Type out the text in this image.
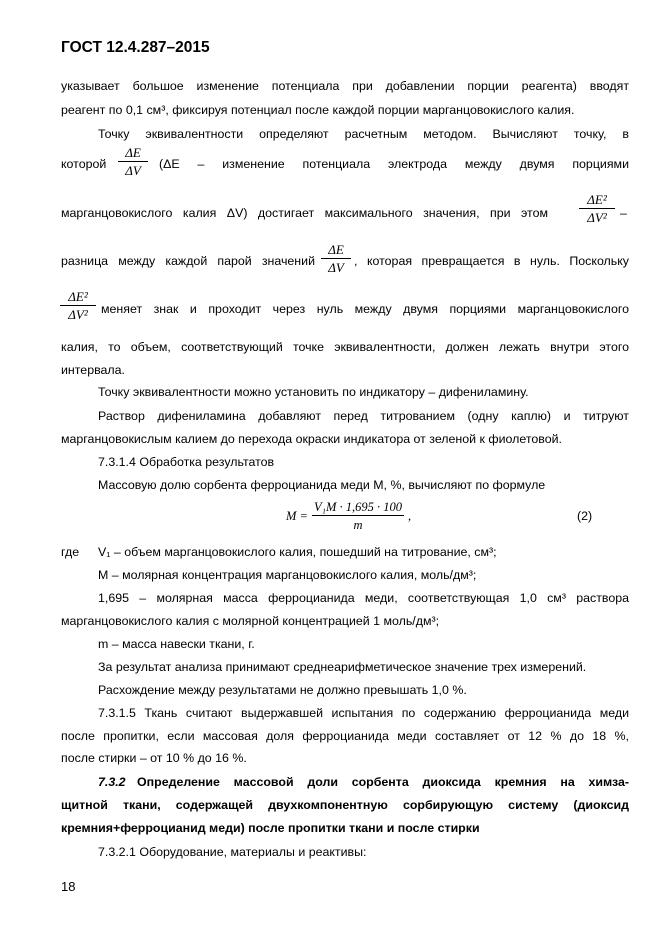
ГОСТ 12.4.287–2015
указывает большое изменение потенциала при добавлении порции реагента) вводят
реагент по 0,1 см³, фиксируя потенциал после каждой порции марганцовокислого калия.
Точку эквивалентности определяют расчетным методом. Вычисляют точку, в
которой
ΔE
ΔV	(ΔE – изменение потенциала электрода между двумя порциями
марганцовокислого калия ΔV) достигает максимального значения, при этом
ΔE²
ΔV²	–
разница между каждой парой значений
ΔE
ΔV , которая превращается в нуль. Поскольку
ΔE²
ΔV²	меняет знак и проходит через нуль между двумя порциями марганцовокислого
калия, то объем, соответствующий точке эквивалентности, должен лежать внутри этого
интервала.
Точку эквивалентности можно установить по индикатору – дифениламину.
Раствор дифениламина добавляют перед титрованием (одну каплю) и титруют
марганцовокислым калием до перехода окраски индикатора от зеленой к фиолетовой.
7.3.1.4 Обработка результатов
Массовую долю сорбента ферроцианида меди M, %, вычисляют по формуле
M =
V₁M · 1,695 · 100
m
,	(2)
где	V₁ – объем марганцовокислого калия, пошедший на титрование, см³;
M – молярная концентрация марганцовокислого калия, моль/дм³;
1,695 – молярная масса ферроцианида меди, соответствующая 1,0 см³ раствора
марганцовокислого калия с молярной концентрацией 1 моль/дм³;
m – масса навески ткани, г.
За результат анализа принимают среднеарифметическое значение трех измерений.
Расхождение между результатами не должно превышать 1,0 %.
7.3.1.5 Ткань считают выдержавшей испытания по содержанию ферроцианида меди
после пропитки, если массовая доля ферроцианида меди составляет от 12 % до 18 %,
после стирки – от 10 % до 16 %.
7.3.2 Определение массовой доли сорбента диоксида кремния на химза-
щитной ткани, содержащей двухкомпонентную сорбирующую систему (диоксид
кремния+ферроцианид меди) после пропитки ткани и после стирки
7.3.2.1 Оборудование, материалы и реактивы:
18
